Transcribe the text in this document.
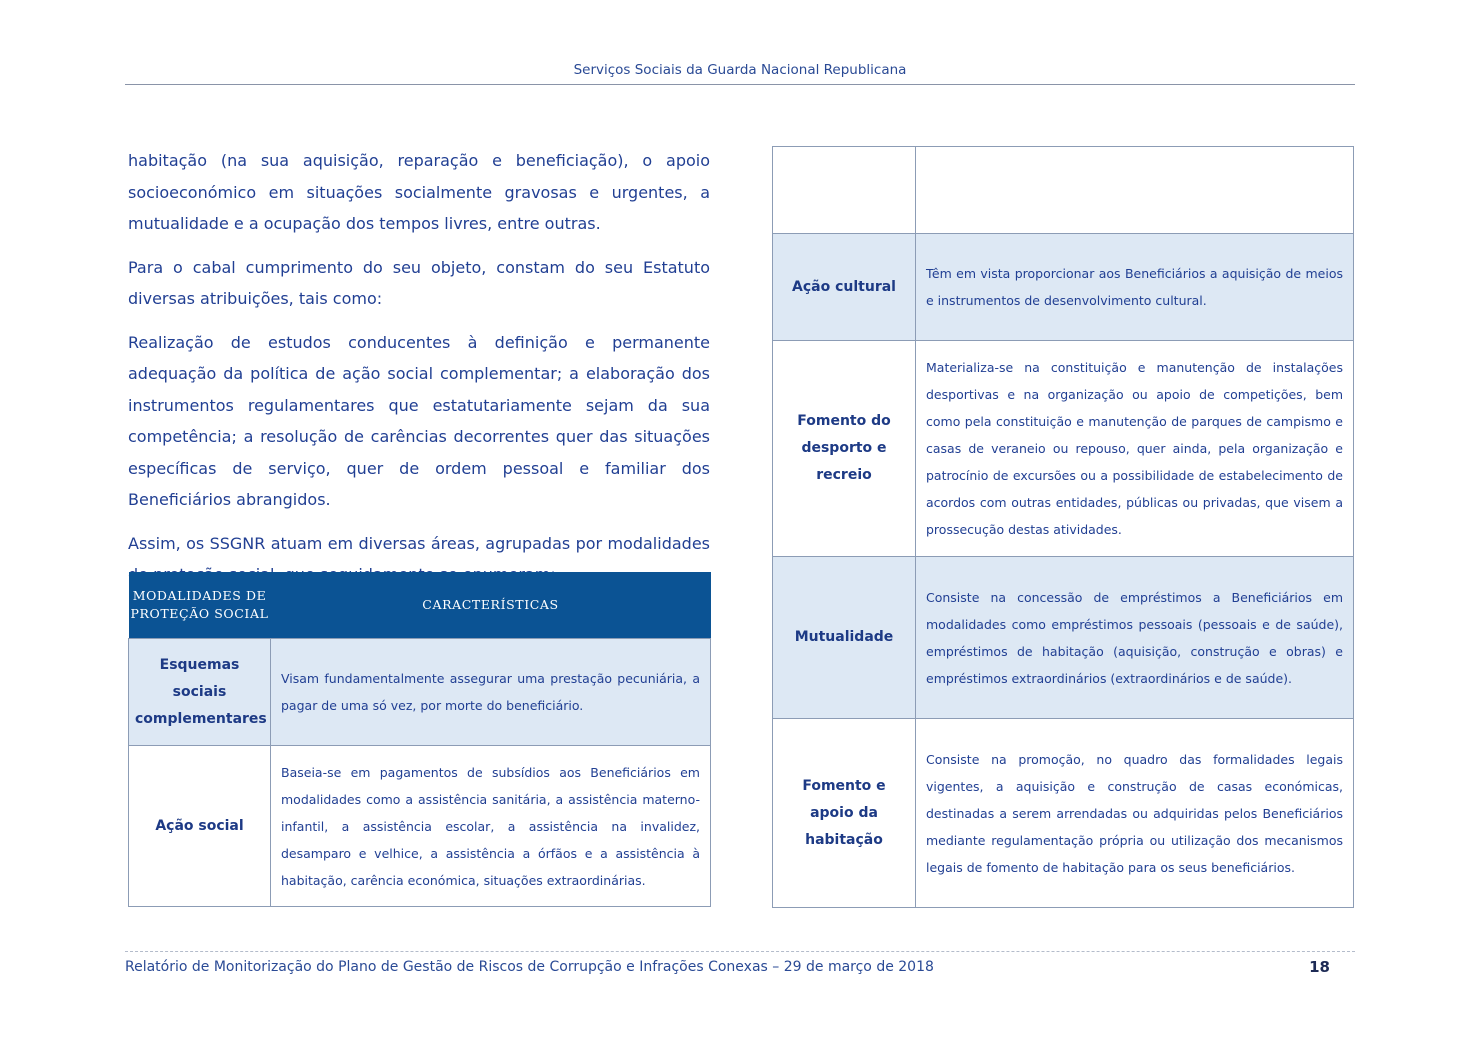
Serviços Sociais da Guarda Nacional Republicana

habitação (na sua aquisição, reparação e beneficiação), o apoio socioeconómico em situações socialmente gravosas e urgentes, a mutualidade e a ocupação dos tempos livres, entre outras.

Para o cabal cumprimento do seu objeto, constam do seu Estatuto diversas atribuições, tais como:

Realização de estudos conducentes à definição e permanente adequação da política de ação social complementar; a elaboração dos instrumentos regulamentares que estatutariamente sejam da sua competência; a resolução de carências decorrentes quer das situações específicas de serviço, quer de ordem pessoal e familiar dos Beneficiários abrangidos.

Assim, os SSGNR atuam em diversas áreas, agrupadas por modalidades

MODALIDADES DE PROTEÇÃO SOCIAL	CARACTERÍSTICAS
Esquemas sociais complementares	Visam fundamentalmente assegurar uma prestação pecuniária, a pagar de uma só vez, por morte do beneficiário.
Ação social	Baseia-se em pagamentos de subsídios aos Beneficiários em modalidades como a assistência sanitária, a assistência materno-infantil, a assistência escolar, a assistência na invalidez, desamparo e velhice, a assistência a órfãos e a assistência à habitação, carência económica, situações extraordinárias.

Ação cultural	Têm em vista proporcionar aos Beneficiários a aquisição de meios e instrumentos de desenvolvimento cultural.
Fomento do desporto e recreio	Materializa-se na constituição e manutenção de instalações desportivas e na organização ou apoio de competições, bem como pela constituição e manutenção de parques de campismo e casas de veraneio ou repouso, quer ainda, pela organização e patrocínio de excursões ou a possibilidade de estabelecimento de acordos com outras entidades, públicas ou privadas, que visem a prossecução destas atividades.
Mutualidade	Consiste na concessão de empréstimos a Beneficiários em modalidades como empréstimos pessoais (pessoais e de saúde), empréstimos de habitação (aquisição, construção e obras) e empréstimos extraordinários (extraordinários e de saúde).
Fomento e apoio da habitação	Consiste na promoção, no quadro das formalidades legais vigentes, a aquisição e construção de casas económicas, destinadas a serem arrendadas ou adquiridas pelos Beneficiários mediante regulamentação própria ou utilização dos mecanismos legais de fomento de habitação para os seus beneficiários.
Relatório de Monitorização do Plano de Gestão de Riscos de Corrupção e Infrações Conexas – 29 de março de 2018	18
